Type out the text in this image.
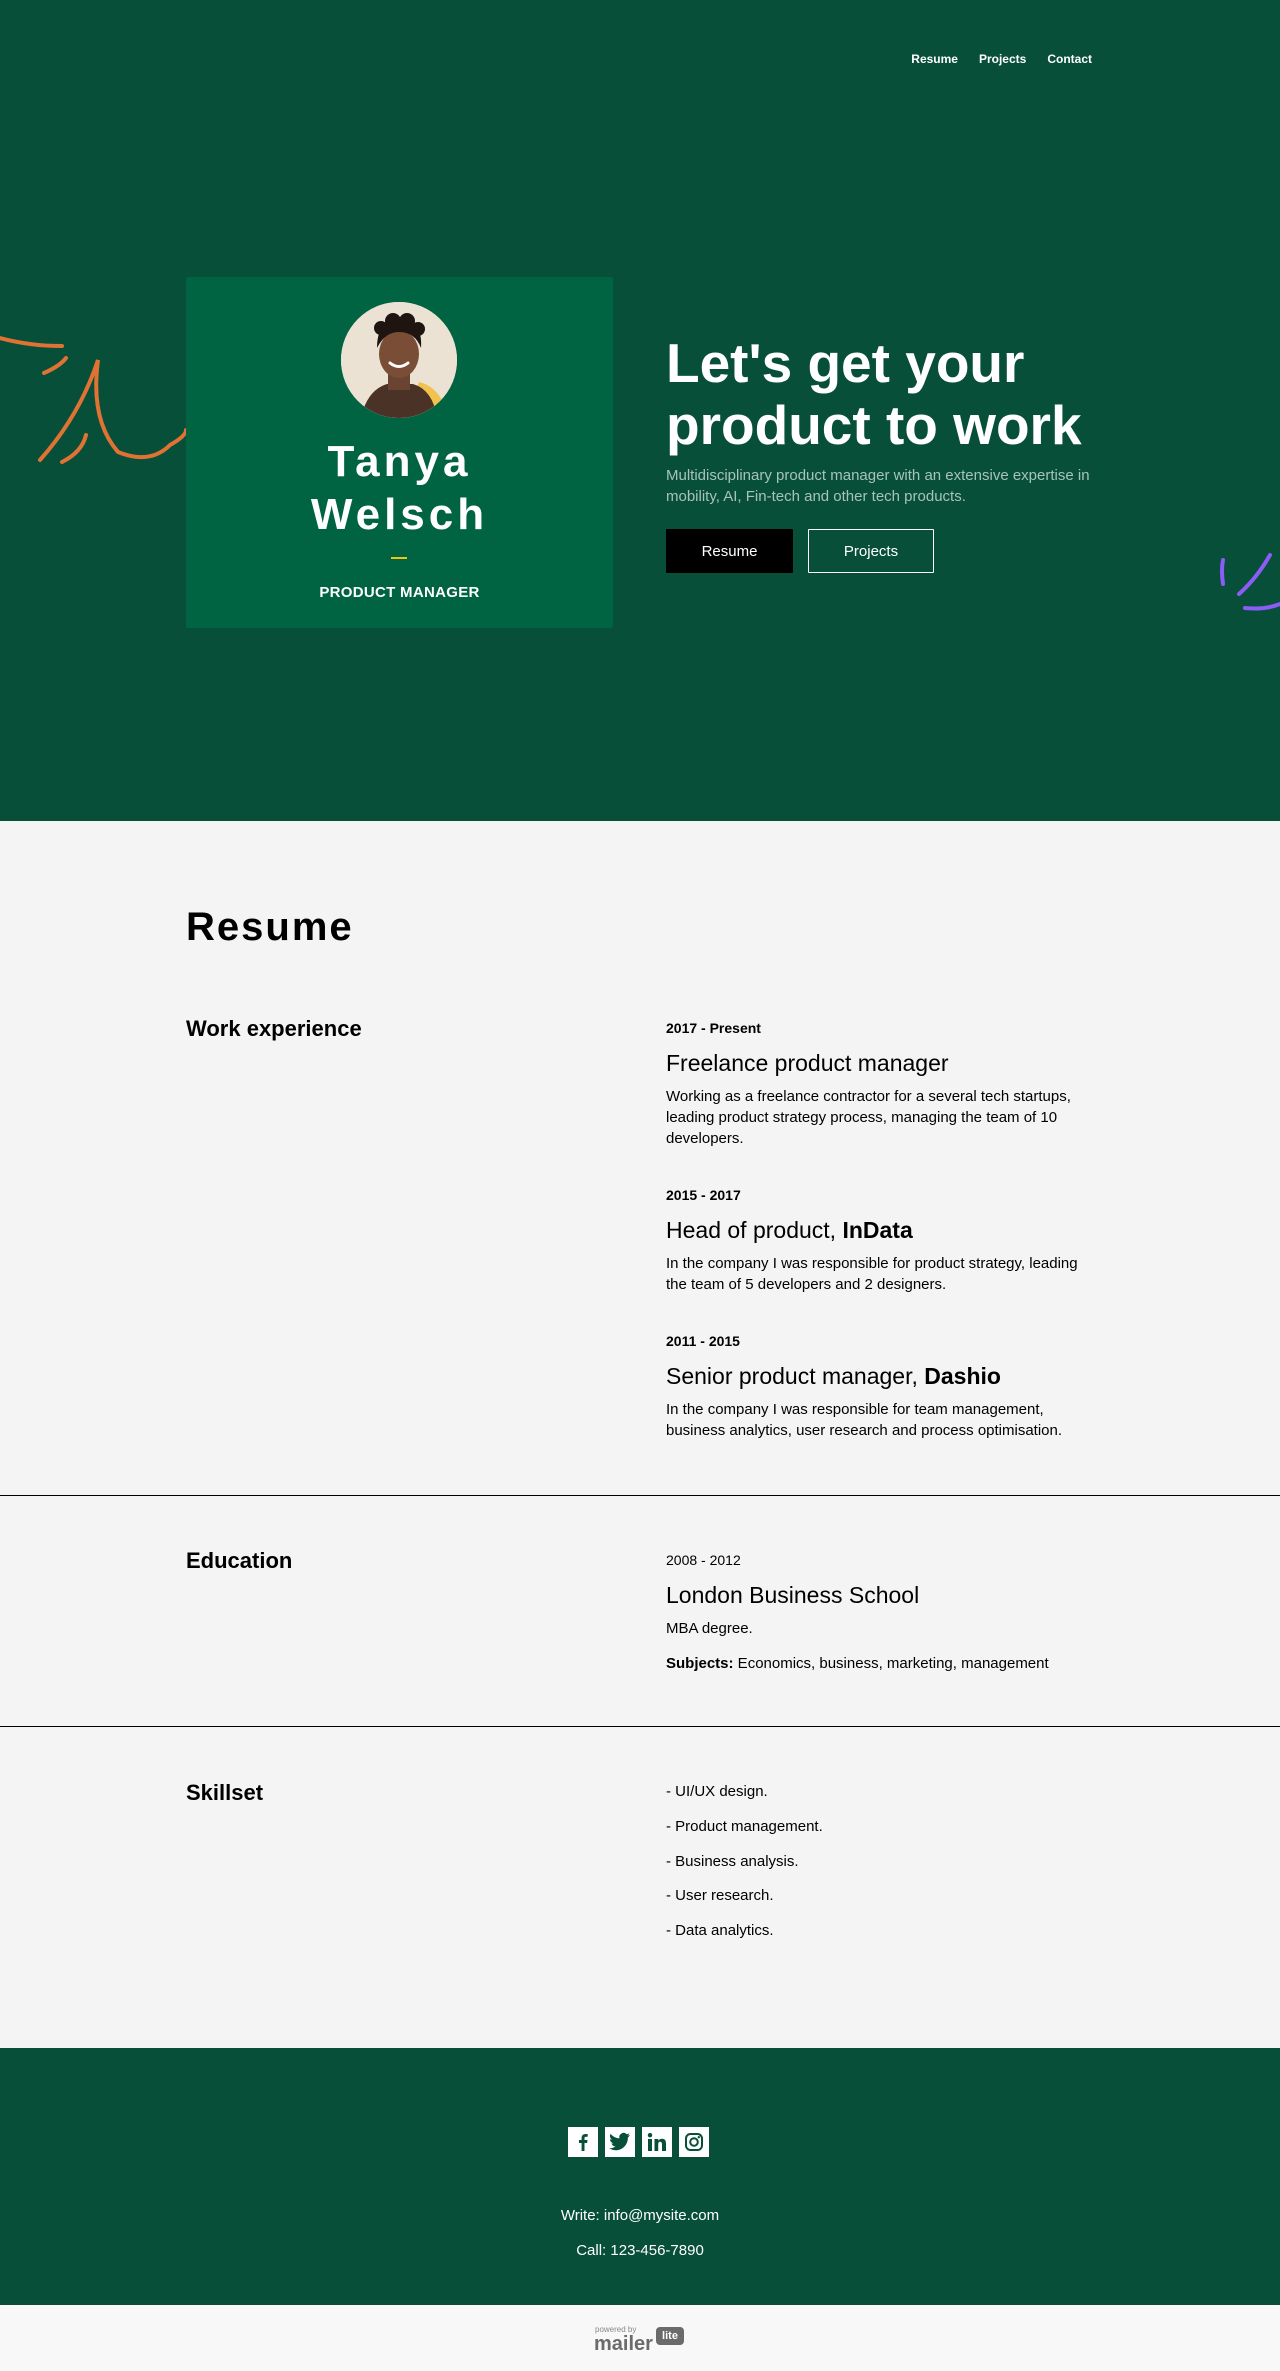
Resume Projects Contact
Tanya
Welsch
PRODUCT MANAGER
Let's get your
product to work

Multidisciplinary product manager with an extensive expertise in mobility, AI, Fin-tech and other tech products.

Resume	Projects
Resume
Work experience	2017 - Present
Freelance product manager
Working as a freelance contractor for a several tech startups, leading product strategy process, managing the team of 10 developers.
2015 - 2017
Head of product, InData
In the company I was responsible for product strategy, leading the team of 5 developers and 2 designers.
2011 - 2015
Senior product manager, Dashio
In the company I was responsible for team management, business analytics, user research and process optimisation.
Education	2008 - 2012
London Business School
MBA degree.
Subjects: Economics, business, marketing, management
Skillset	- UI/UX design.
- Product management.
- Business analysis.
- User research.
- Data analytics.
Write: info@mysite.com
Call: 123-456-7890
powered by
mailer lite
